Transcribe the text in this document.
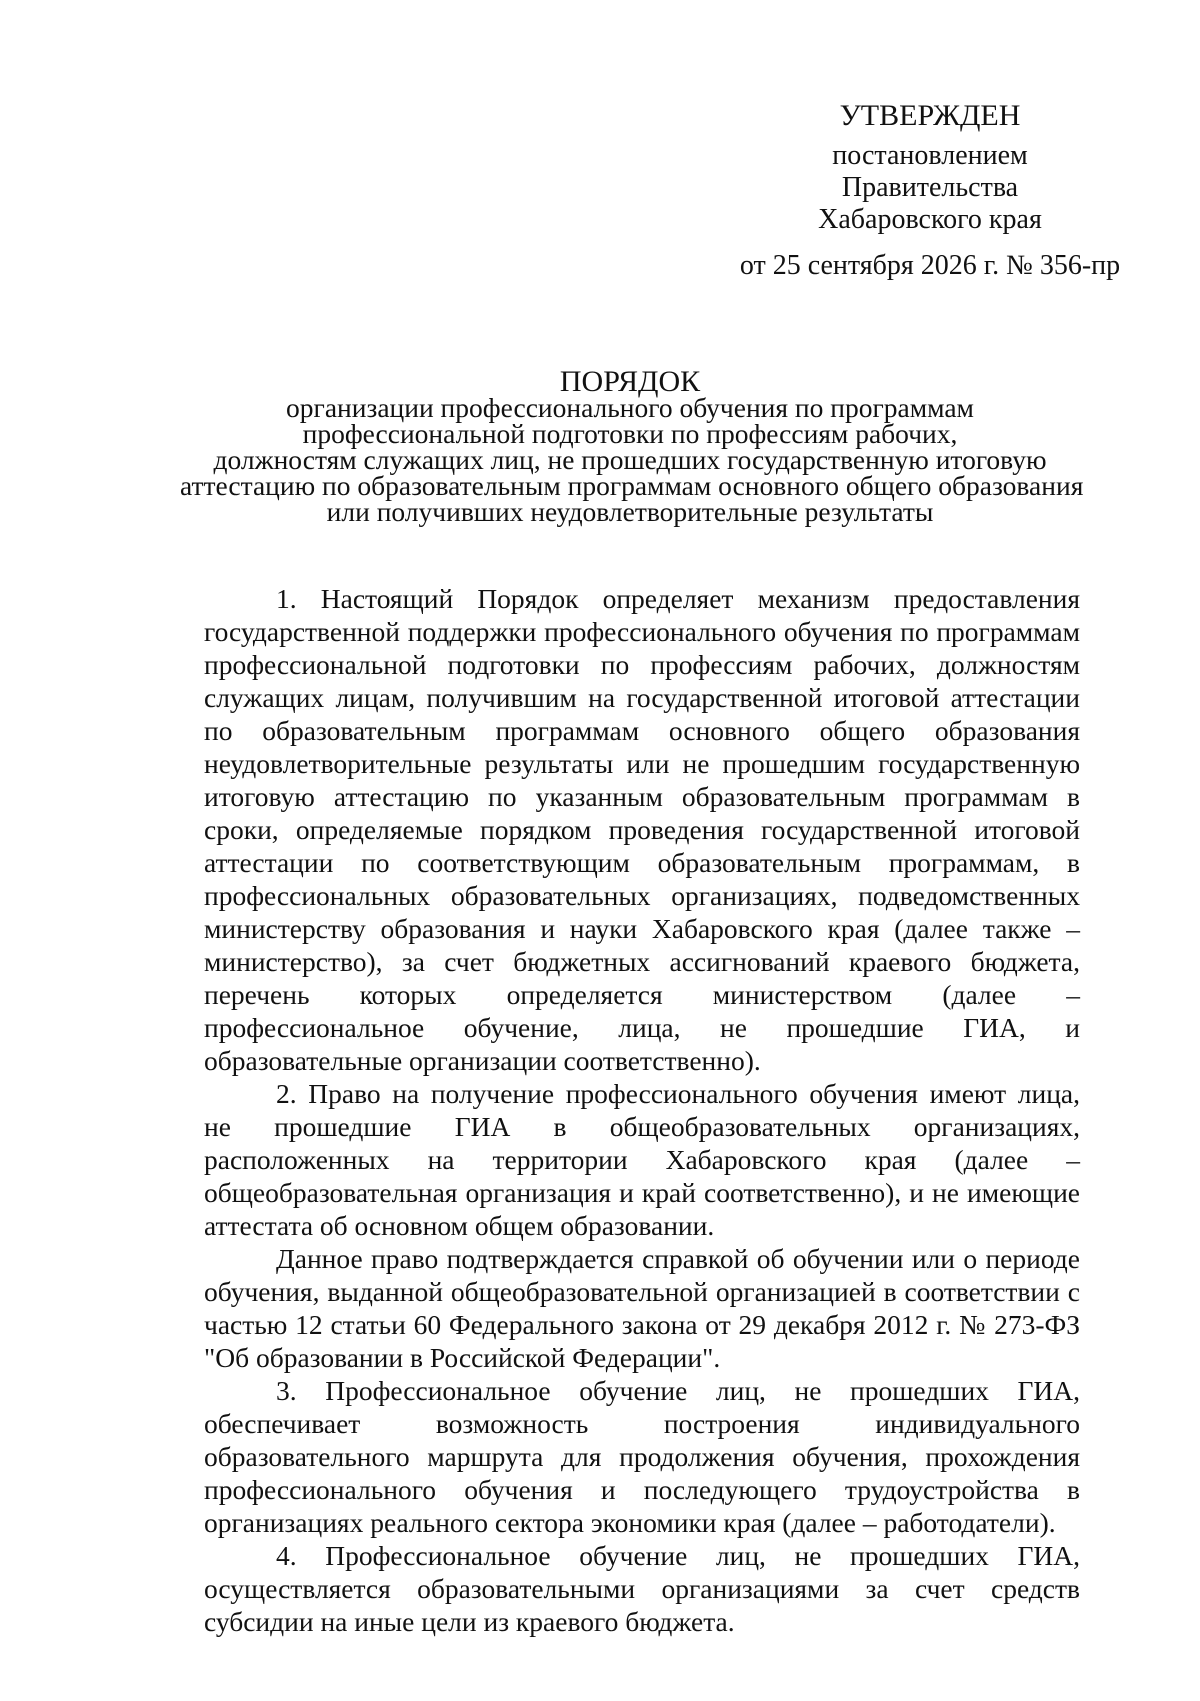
УТВЕРЖДЕН
постановлением
Правительства
Хабаровского края
от 25 сентября 2026 г. № 356-пр
ПОРЯДОК
организации профессионального обучения по программам
профессиональной подготовки по профессиям рабочих,
должностям служащих лиц, не прошедших государственную итоговую
аттестацию по образовательным программам основного общего образования
или получивших неудовлетворительные результаты

1. Настоящий Порядок определяет механизм предоставления государственной поддержки профессионального обучения по программам профессиональной подготовки по профессиям рабочих, должностям служащих лицам, получившим на государственной итоговой аттестации по образовательным программам основного общего образования неудовлетворительные результаты или не прошедшим государственную итоговую аттестацию по указанным образовательным программам в сроки, определяемые порядком проведения государственной итоговой аттестации по соответствующим образовательным программам, в профессиональных образовательных организациях, подведомственных министерству образования и науки Хабаровского края (далее также – министерство), за счет бюджетных ассигнований краевого бюджета, перечень которых определяется министерством (далее – профессиональное обучение, лица, не прошедшие ГИА, и образовательные организации соответственно).

2. Право на получение профессионального обучения имеют лица, не прошедшие ГИА в общеобразовательных организациях, расположенных на территории Хабаровского края (далее – общеобразовательная организация и край соответственно), и не имеющие аттестата об основном общем образовании.

Данное право подтверждается справкой об обучении или о периоде обучения, выданной общеобразовательной организацией в соответствии с частью 12 статьи 60 Федерального закона от 29 декабря 2012 г. № 273-ФЗ "Об образовании в Российской Федерации".

3. Профессиональное обучение лиц, не прошедших ГИА, обеспечивает возможность построения индивидуального образовательного маршрута для продолжения обучения, прохождения профессионального обучения и последующего трудоустройства в организациях реального сектора экономики края (далее – работодатели).

4. Профессиональное обучение лиц, не прошедших ГИА, осуществляется образовательными организациями за счет средств субсидии на иные цели из краевого бюджета.
